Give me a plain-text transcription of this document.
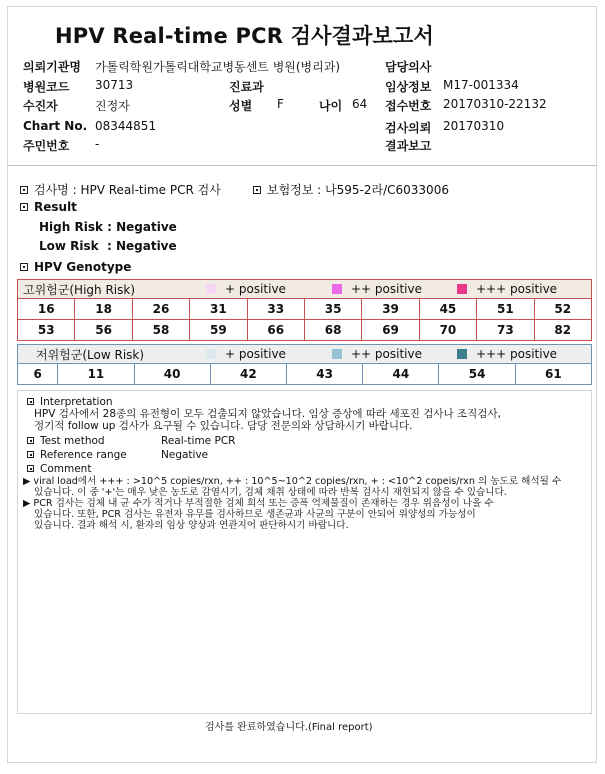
HPV Real-time PCR 검사결과보고서
의뢰기관명 가톨릭학원가톨릭대학교병동센트 병원(병리과)	담당의사
병원코드 30713	진료과	임상정보 M17-001334
수진자	진정자	성별 F	나이 64 접수번호 20170310-22132
Chart No. 08344851	검사의뢰 20170310
주민번호 -	결과보고
검사명 : HPV Real-time PCR 검사	보험정보 : 나595-2라/C6033006
Result
High Risk : Negative
Low Risk  : Negative
HPV Genotype
고위험군(High Risk)	+ positive	++ positive	+++ positive
16	18	26	31	33	35	39	45	51	52
53	56	58	59	66	68	69	70	73	82
저위험군(Low Risk)	+ positive	++ positive	+++ positive
6	11	40	42	43	44	54	61
Interpretation
HPV 검사에서 28종의 유전형이 모두 검출되지 않았습니다. 임상 증상에 따라 세포진 검사나 조직검사,
정기적 follow up 검사가 요구될 수 있습니다. 담당 전문의와 상담하시기 바랍니다.
Test method	Real-time PCR
Reference range	Negative
Comment
▶ viral load에서 +++ : >10^5 copies/rxn, ++ : 10^5~10^2 copies/rxn, + : <10^2 copeis/rxn 의 농도로 해석될 수
있습니다. 이 중 '+'는 매우 낮은 농도로 감염시기, 검체 채취 상태에 따라 반복 검사시 재현되지 않을 수 있습니다.
▶ PCR 검사는 검체 내 균 수가 적거나 부적절한 검체 희석 또는 증폭 억제물질이 존재하는 경우 위음성이 나올 수
있습니다. 또한, PCR 검사는 유전자 유무를 검사하므로 생존균과 사균의 구분이 안되어 위양성의 가능성이
있습니다. 결과 해석 시, 환자의 임상 양상과 연관지어 판단하시기 바랍니다.
검사를 완료하였습니다.(Final report)
